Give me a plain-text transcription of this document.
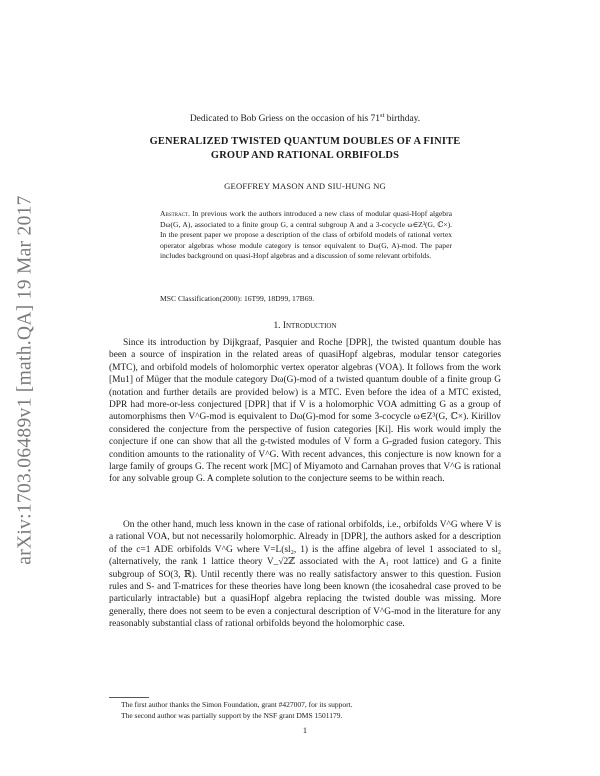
arXiv:1703.06489v1 [math.QA] 19 Mar 2017
Dedicated to Bob Griess on the occasion of his 71st birthday.
GENERALIZED TWISTED QUANTUM DOUBLES OF A FINITE
GROUP AND RATIONAL ORBIFOLDS
GEOFFREY MASON AND SIU-HUNG NG
Abstract. In previous work the authors introduced a new class of modular quasi-Hopf algebra Dω(G, A), associated to a finite group G, a central subgroup A and a 3-cocycle ω∈Z³(G, ℂ×). In the present paper we propose a description of the class of orbifold models of rational vertex operator algebras whose module category is tensor equivalent to Dω(G, A)-mod. The paper includes background on quasi-Hopf algebras and a discussion of some relevant orbifolds.
MSC Classification(2000): 16T99, 18D99, 17B69.
1. Introduction
Since its introduction by Dijkgraaf, Pasquier and Roche [DPR], the twisted quantum double has been a source of inspiration in the related areas of quasiHopf algebras, modular tensor categories (MTC), and orbifold models of holomorphic vertex operator algebras (VOA). It follows from the work [Mu1] of Müger that the module category Dω(G)-mod of a twisted quantum double of a finite group G (notation and further details are provided below) is a MTC. Even before the idea of a MTC existed, DPR had more-or-less conjectured [DPR] that if V is a holomorphic VOA admitting G as a group of automorphisms then V^G-mod is equivalent to Dω(G)-mod for some 3-cocycle ω∈Z³(G, ℂ×). Kirillov considered the conjecture from the perspective of fusion categories [Ki]. His work would imply the conjecture if one can show that all the g-twisted modules of V form a G-graded fusion category. This condition amounts to the rationality of V^G. With recent advances, this conjecture is now known for a large family of groups G. The recent work [MC] of Miyamoto and Carnahan proves that V^G is rational for any solvable group G. A complete solution to the conjecture seems to be within reach.
On the other hand, much less known in the case of rational orbifolds, i.e., orbifolds V^G where V is a rational VOA, but not necessarily holomorphic. Already in [DPR], the authors asked for a description of the c=1 ADE orbifolds V^G where V=L(sl₂, 1) is the affine algebra of level 1 associated to sl₂ (alternatively, the rank 1 lattice theory V_√2ℤ associated with the A₁ root lattice) and G a finite subgroup of SO(3, ℝ). Until recently there was no really satisfactory answer to this question. Fusion rules and S- and T-matrices for these theories have long been known (the icosahedral case proved to be particularly intractable) but a quasiHopf algebra replacing the twisted double was missing. More generally, there does not seem to be even a conjectural description of V^G-mod in the literature for any reasonably substantial class of rational orbifolds beyond the holomorphic case.
The first author thanks the Simon Foundation, grant #427007, for its support.
The second author was partially support by the NSF grant DMS 1501179.
1
